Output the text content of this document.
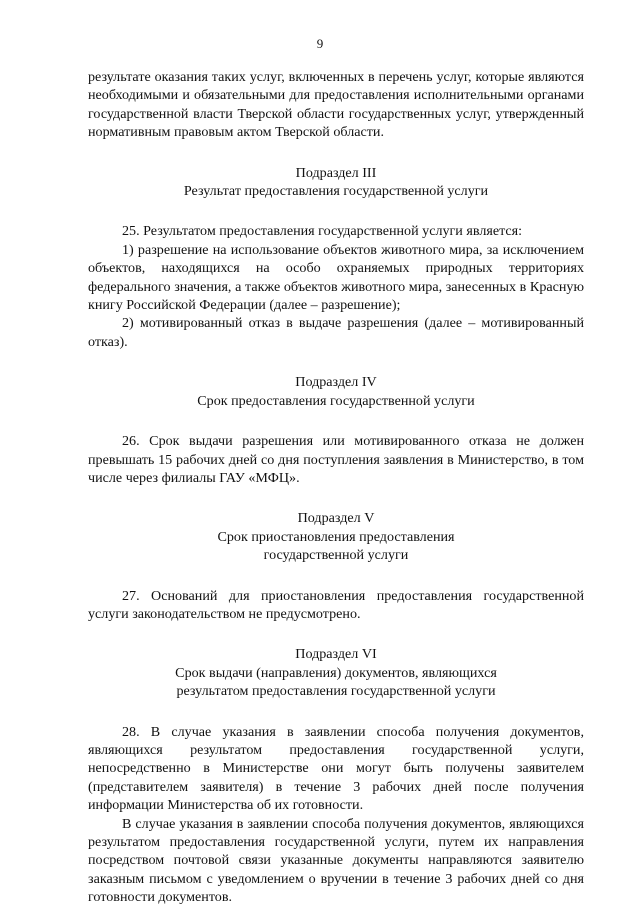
9

результате оказания таких услуг, включенных в перечень услуг, которые являются необходимыми и обязательными для предоставления исполнительными органами государственной власти Тверской области государственных услуг, утвержденный нормативным правовым актом Тверской области.

Подраздел III

Результат предоставления государственной услуги

25. Результатом предоставления государственной услуги является:

1) разрешение на использование объектов животного мира, за исключением объектов, находящихся на особо охраняемых природных территориях федерального значения, а также объектов животного мира, занесенных в Красную книгу Российской Федерации (далее – разрешение);

2) мотивированный отказ в выдаче разрешения (далее – мотивированный отказ).

Подраздел IV

Срок предоставления государственной услуги

26. Срок выдачи разрешения или мотивированного отказа не должен превышать 15 рабочих дней со дня поступления заявления в Министерство, в том числе через филиалы ГАУ «МФЦ».

Подраздел V

Срок приостановления предоставления

государственной услуги

27. Оснований для приостановления предоставления государственной услуги законодательством не предусмотрено.

Подраздел VI

Срок выдачи (направления) документов, являющихся

результатом предоставления государственной услуги

28. В случае указания в заявлении способа получения документов, являющихся результатом предоставления государственной услуги, непосредственно в Министерстве они могут быть получены заявителем (представителем заявителя) в течение 3 рабочих дней после получения информации Министерства об их готовности.

В случае указания в заявлении способа получения документов, являющихся результатом предоставления государственной услуги, путем их направления посредством почтовой связи указанные документы направляются заявителю заказным письмом с уведомлением о вручении в течение 3 рабочих дней со дня готовности документов.
